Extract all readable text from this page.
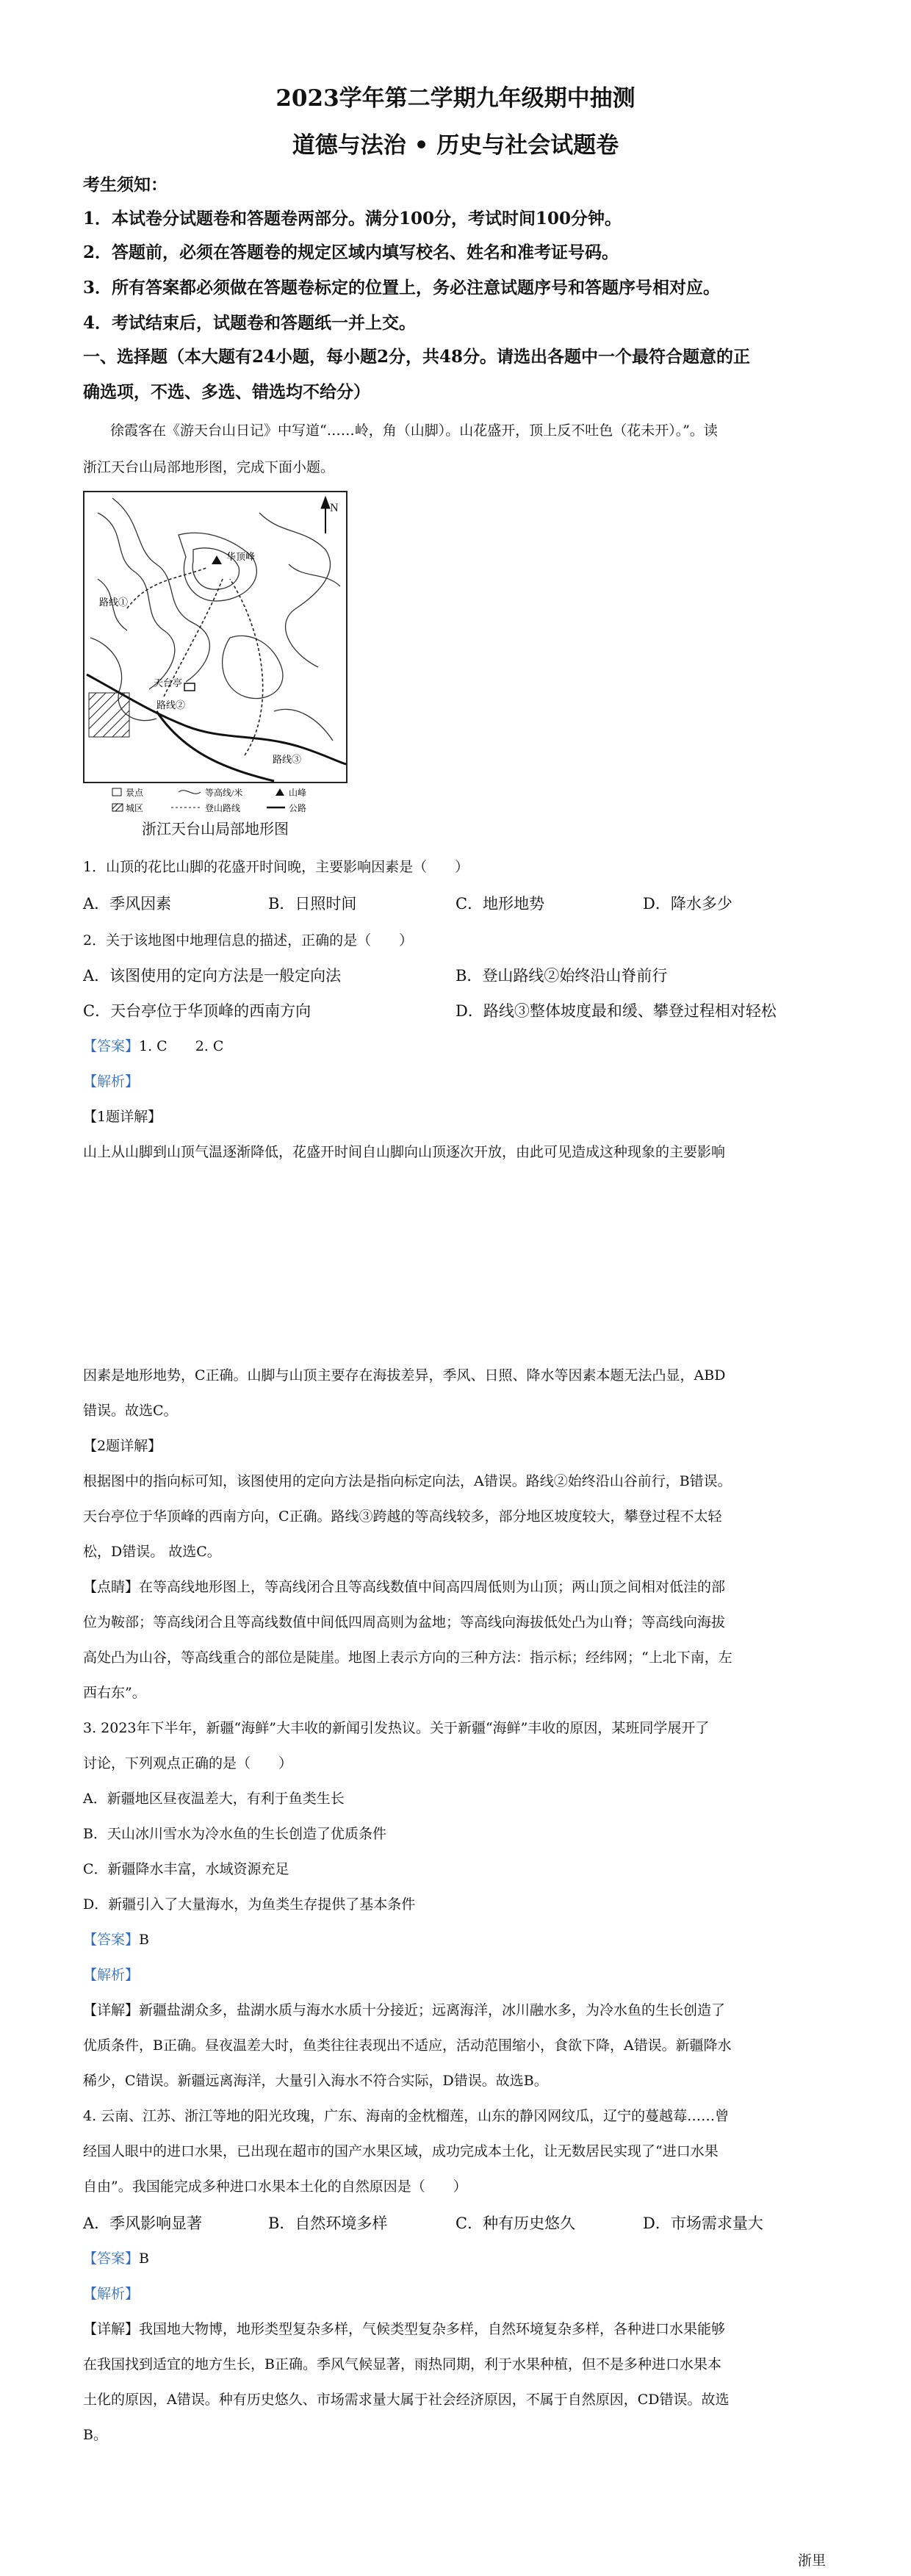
2023学年第二学期九年级期中抽测
道德与法治 • 历史与社会试题卷
考生须知：
1．本试卷分试题卷和答题卷两部分。满分100分，考试时间100分钟。
2．答题前，必须在答题卷的规定区域内填写校名、姓名和准考证号码。
3．所有答案都必须做在答题卷标定的位置上，务必注意试题序号和答题序号相对应。
4．考试结束后，试题卷和答题纸一并上交。
一、选择题（本大题有24小题，每小题2分，共48分。请选出各题中一个最符合题意的正
确选项，不选、多选、错选均不给分）
徐霞客在《游天台山日记》中写道“……岭，角（山脚）。山花盛开，顶上反不吐色（花未开）。”。读
浙江天台山局部地形图，完成下面小题。
N
华顶峰
天台亭
路线①
路线②
路线③
景点	等高线/米	山峰
城区	登山路线	公路
浙江天台山局部地形图
1．山顶的花比山脚的花盛开时间晚，主要影响因素是（　　）
A．季风因素	B．日照时间	C．地形地势	D．降水多少
2．关于该地图中地理信息的描述，正确的是（　　）
A．该图使用的定向方法是一般定向法	B．登山路线②始终沿山脊前行
C．天台亭位于华顶峰的西南方向	D．路线③整体坡度最和缓、攀登过程相对轻松
【答案】1. C　　2. C
【解析】
【1题详解】
山上从山脚到山顶气温逐渐降低，花盛开时间自山脚向山顶逐次开放，由此可见造成这种现象的主要影响
因素是地形地势，C正确。山脚与山顶主要存在海拔差异，季风、日照、降水等因素本题无法凸显，ABD
错误。故选C。
【2题详解】
根据图中的指向标可知，该图使用的定向方法是指向标定向法，A错误。路线②始终沿山谷前行，B错误。
天台亭位于华顶峰的西南方向，C正确。路线③跨越的等高线较多，部分地区坡度较大，攀登过程不太轻
松，D错误。 故选C。
【点睛】在等高线地形图上，等高线闭合且等高线数值中间高四周低则为山顶；两山顶之间相对低洼的部
位为鞍部；等高线闭合且等高线数值中间低四周高则为盆地；等高线向海拔低处凸为山脊；等高线向海拔
高处凸为山谷，等高线重合的部位是陡崖。地图上表示方向的三种方法：指示标；经纬网；“上北下南，左
西右东”。
3. 2023年下半年，新疆“海鲜”大丰收的新闻引发热议。关于新疆“海鲜”丰收的原因，某班同学展开了
讨论，下列观点正确的是（　　）
A．新疆地区昼夜温差大，有利于鱼类生长
B．天山冰川雪水为冷水鱼的生长创造了优质条件
C．新疆降水丰富，水域资源充足
D．新疆引入了大量海水，为鱼类生存提供了基本条件
【答案】B
【解析】
【详解】新疆盐湖众多，盐湖水质与海水水质十分接近；远离海洋，冰川融水多，为冷水鱼的生长创造了
优质条件，B正确。昼夜温差大时，鱼类往往表现出不适应，活动范围缩小，食欲下降，A错误。新疆降水
稀少，C错误。新疆远离海洋，大量引入海水不符合实际，D错误。故选B。
4. 云南、江苏、浙江等地的阳光玫瑰，广东、海南的金枕榴莲，山东的静冈网纹瓜，辽宁的蔓越莓……曾
经国人眼中的进口水果，已出现在超市的国产水果区域，成功完成本土化，让无数居民实现了“进口水果
自由”。我国能完成多种进口水果本土化的自然原因是（　　）
A．季风影响显著	B．自然环境多样	C．种有历史悠久	D．市场需求量大
【答案】B
【解析】
【详解】我国地大物博，地形类型复杂多样，气候类型复杂多样，自然环境复杂多样，各种进口水果能够
在我国找到适宜的地方生长，B正确。季风气候显著，雨热同期，利于水果种植，但不是多种进口水果本
土化的原因，A错误。种有历史悠久、市场需求量大属于社会经济原因，不属于自然原因，CD错误。故选
B。
浙里
